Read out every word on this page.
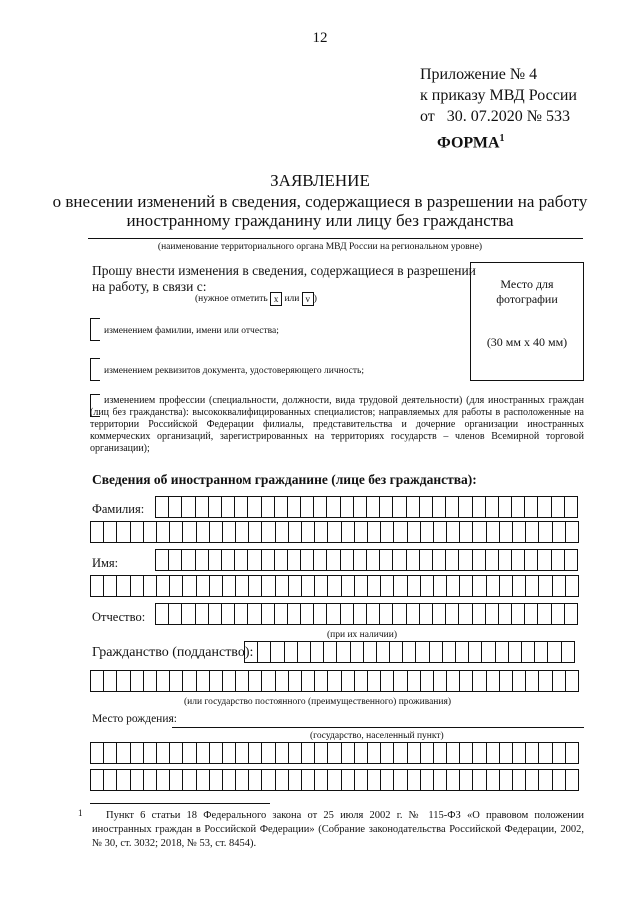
12
Приложение № 4
к приказу МВД России
от 30. 07.2020 № 533
ФОРМА$^1$
ЗАЯВЛЕНИЕ
о внесении изменений в сведения, содержащиеся в разрешении на работу
иностранному гражданину или лицу без гражданства
(наименование территориального органа МВД России на региональном уровне)
Прошу внести изменения в сведения, содержащиеся в разрешении
на работу, в связи с:
(нужное отметить x или v )
Место для
фотографии
(30 мм х 40 мм)
изменением фамилии, имени или отчества;
изменением реквизитов документа, удостоверяющего личность;
изменением профессии (специальности, должности, вида трудовой деятельности) (для иностранных граждан (лиц без гражданства): высококвалифицированных специалистов; направляемых для работы в расположенные на территории Российской Федерации филиалы, представительства и дочерние организации иностранных коммерческих организаций, зарегистрированных на территориях государств – членов Всемирной торговой организации);
Сведения об иностранном гражданине (лице без гражданства):
Фамилия:
Имя:
Отчество:
(при их наличии)
Гражданство (подданство):
(или государство постоянного (преимущественного) проживания)
Место рождения:
(государство, населенный пункт)
1 Пункт 6 статьи 18 Федерального закона от 25 июля 2002 г. № 115-ФЗ «О правовом положении иностранных граждан в Российской Федерации» (Собрание законодательства Российской Федерации, 2002, № 30, ст. 3032; 2018, № 53, ст. 8454).
